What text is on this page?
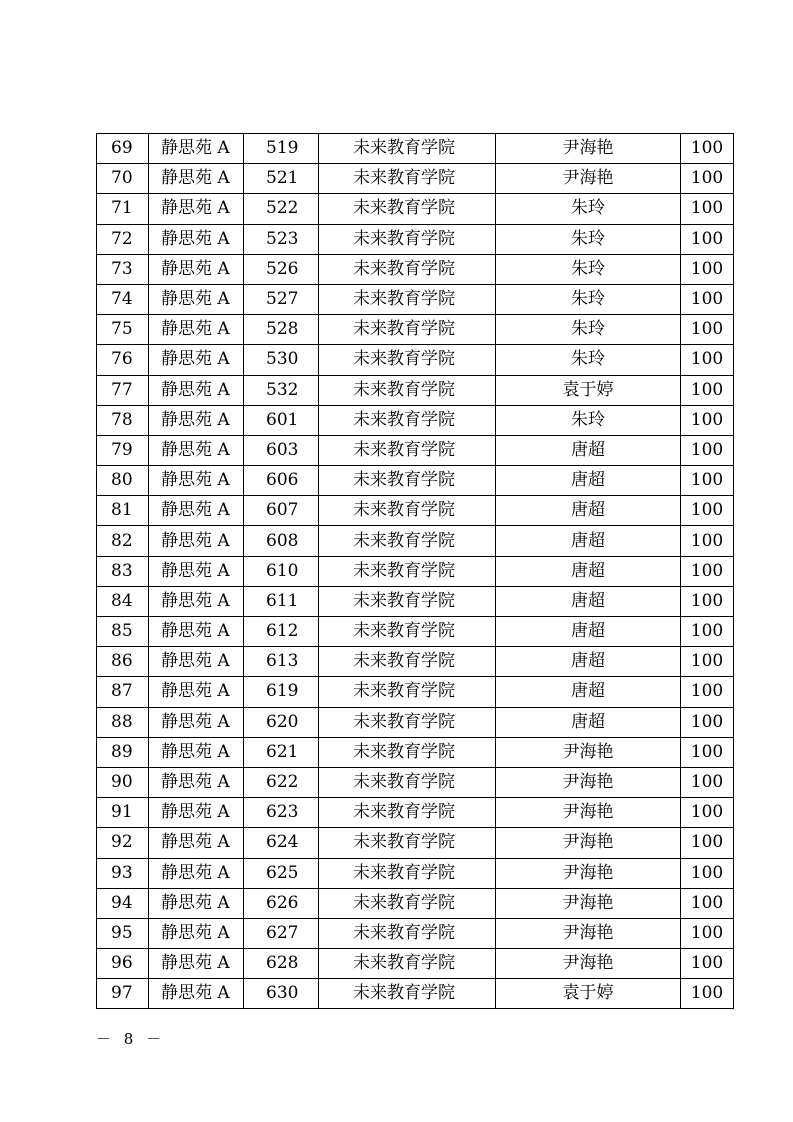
69	静思苑 A	519	未来教育学院	尹海艳	100
70	静思苑 A	521	未来教育学院	尹海艳	100
71	静思苑 A	522	未来教育学院	朱玲	100
72	静思苑 A	523	未来教育学院	朱玲	100
73	静思苑 A	526	未来教育学院	朱玲	100
74	静思苑 A	527	未来教育学院	朱玲	100
75	静思苑 A	528	未来教育学院	朱玲	100
76	静思苑 A	530	未来教育学院	朱玲	100
77	静思苑 A	532	未来教育学院	袁于婷	100
78	静思苑 A	601	未来教育学院	朱玲	100
79	静思苑 A	603	未来教育学院	唐超	100
80	静思苑 A	606	未来教育学院	唐超	100
81	静思苑 A	607	未来教育学院	唐超	100
82	静思苑 A	608	未来教育学院	唐超	100
83	静思苑 A	610	未来教育学院	唐超	100
84	静思苑 A	611	未来教育学院	唐超	100
85	静思苑 A	612	未来教育学院	唐超	100
86	静思苑 A	613	未来教育学院	唐超	100
87	静思苑 A	619	未来教育学院	唐超	100
88	静思苑 A	620	未来教育学院	唐超	100
89	静思苑 A	621	未来教育学院	尹海艳	100
90	静思苑 A	622	未来教育学院	尹海艳	100
91	静思苑 A	623	未来教育学院	尹海艳	100
92	静思苑 A	624	未来教育学院	尹海艳	100
93	静思苑 A	625	未来教育学院	尹海艳	100
94	静思苑 A	626	未来教育学院	尹海艳	100
95	静思苑 A	627	未来教育学院	尹海艳	100
96	静思苑 A	628	未来教育学院	尹海艳	100
97	静思苑 A	630	未来教育学院	袁于婷	100
－ 8 －
